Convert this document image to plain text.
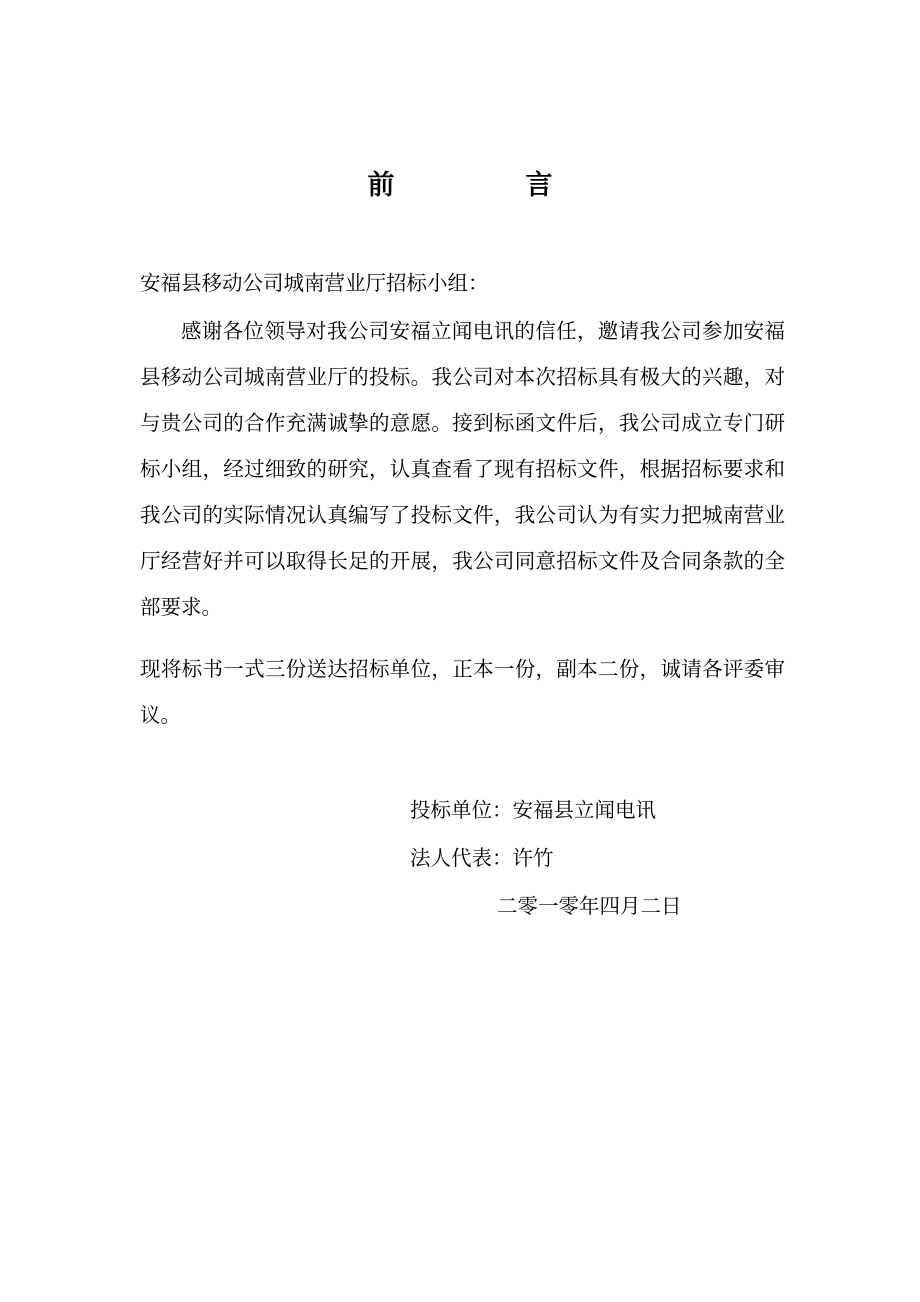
前　言
安福县移动公司城南营业厅招标小组：
感谢各位领导对我公司安福立闻电讯的信任，邀请我公司参加安福县移动公司城南营业厅的投标。我公司对本次招标具有极大的兴趣，对与贵公司的合作充满诚挚的意愿。接到标函文件后，我公司成立专门研标小组，经过细致的研究，认真查看了现有招标文件，根据招标要求和我公司的实际情况认真编写了投标文件，我公司认为有实力把城南营业厅经营好并可以取得长足的开展，我公司同意招标文件及合同条款的全部要求。
现将标书一式三份送达招标单位，正本一份，副本二份，诚请各评委审议。
投标单位：安福县立闻电讯
法人代表：许竹
二零一零年四月二日
